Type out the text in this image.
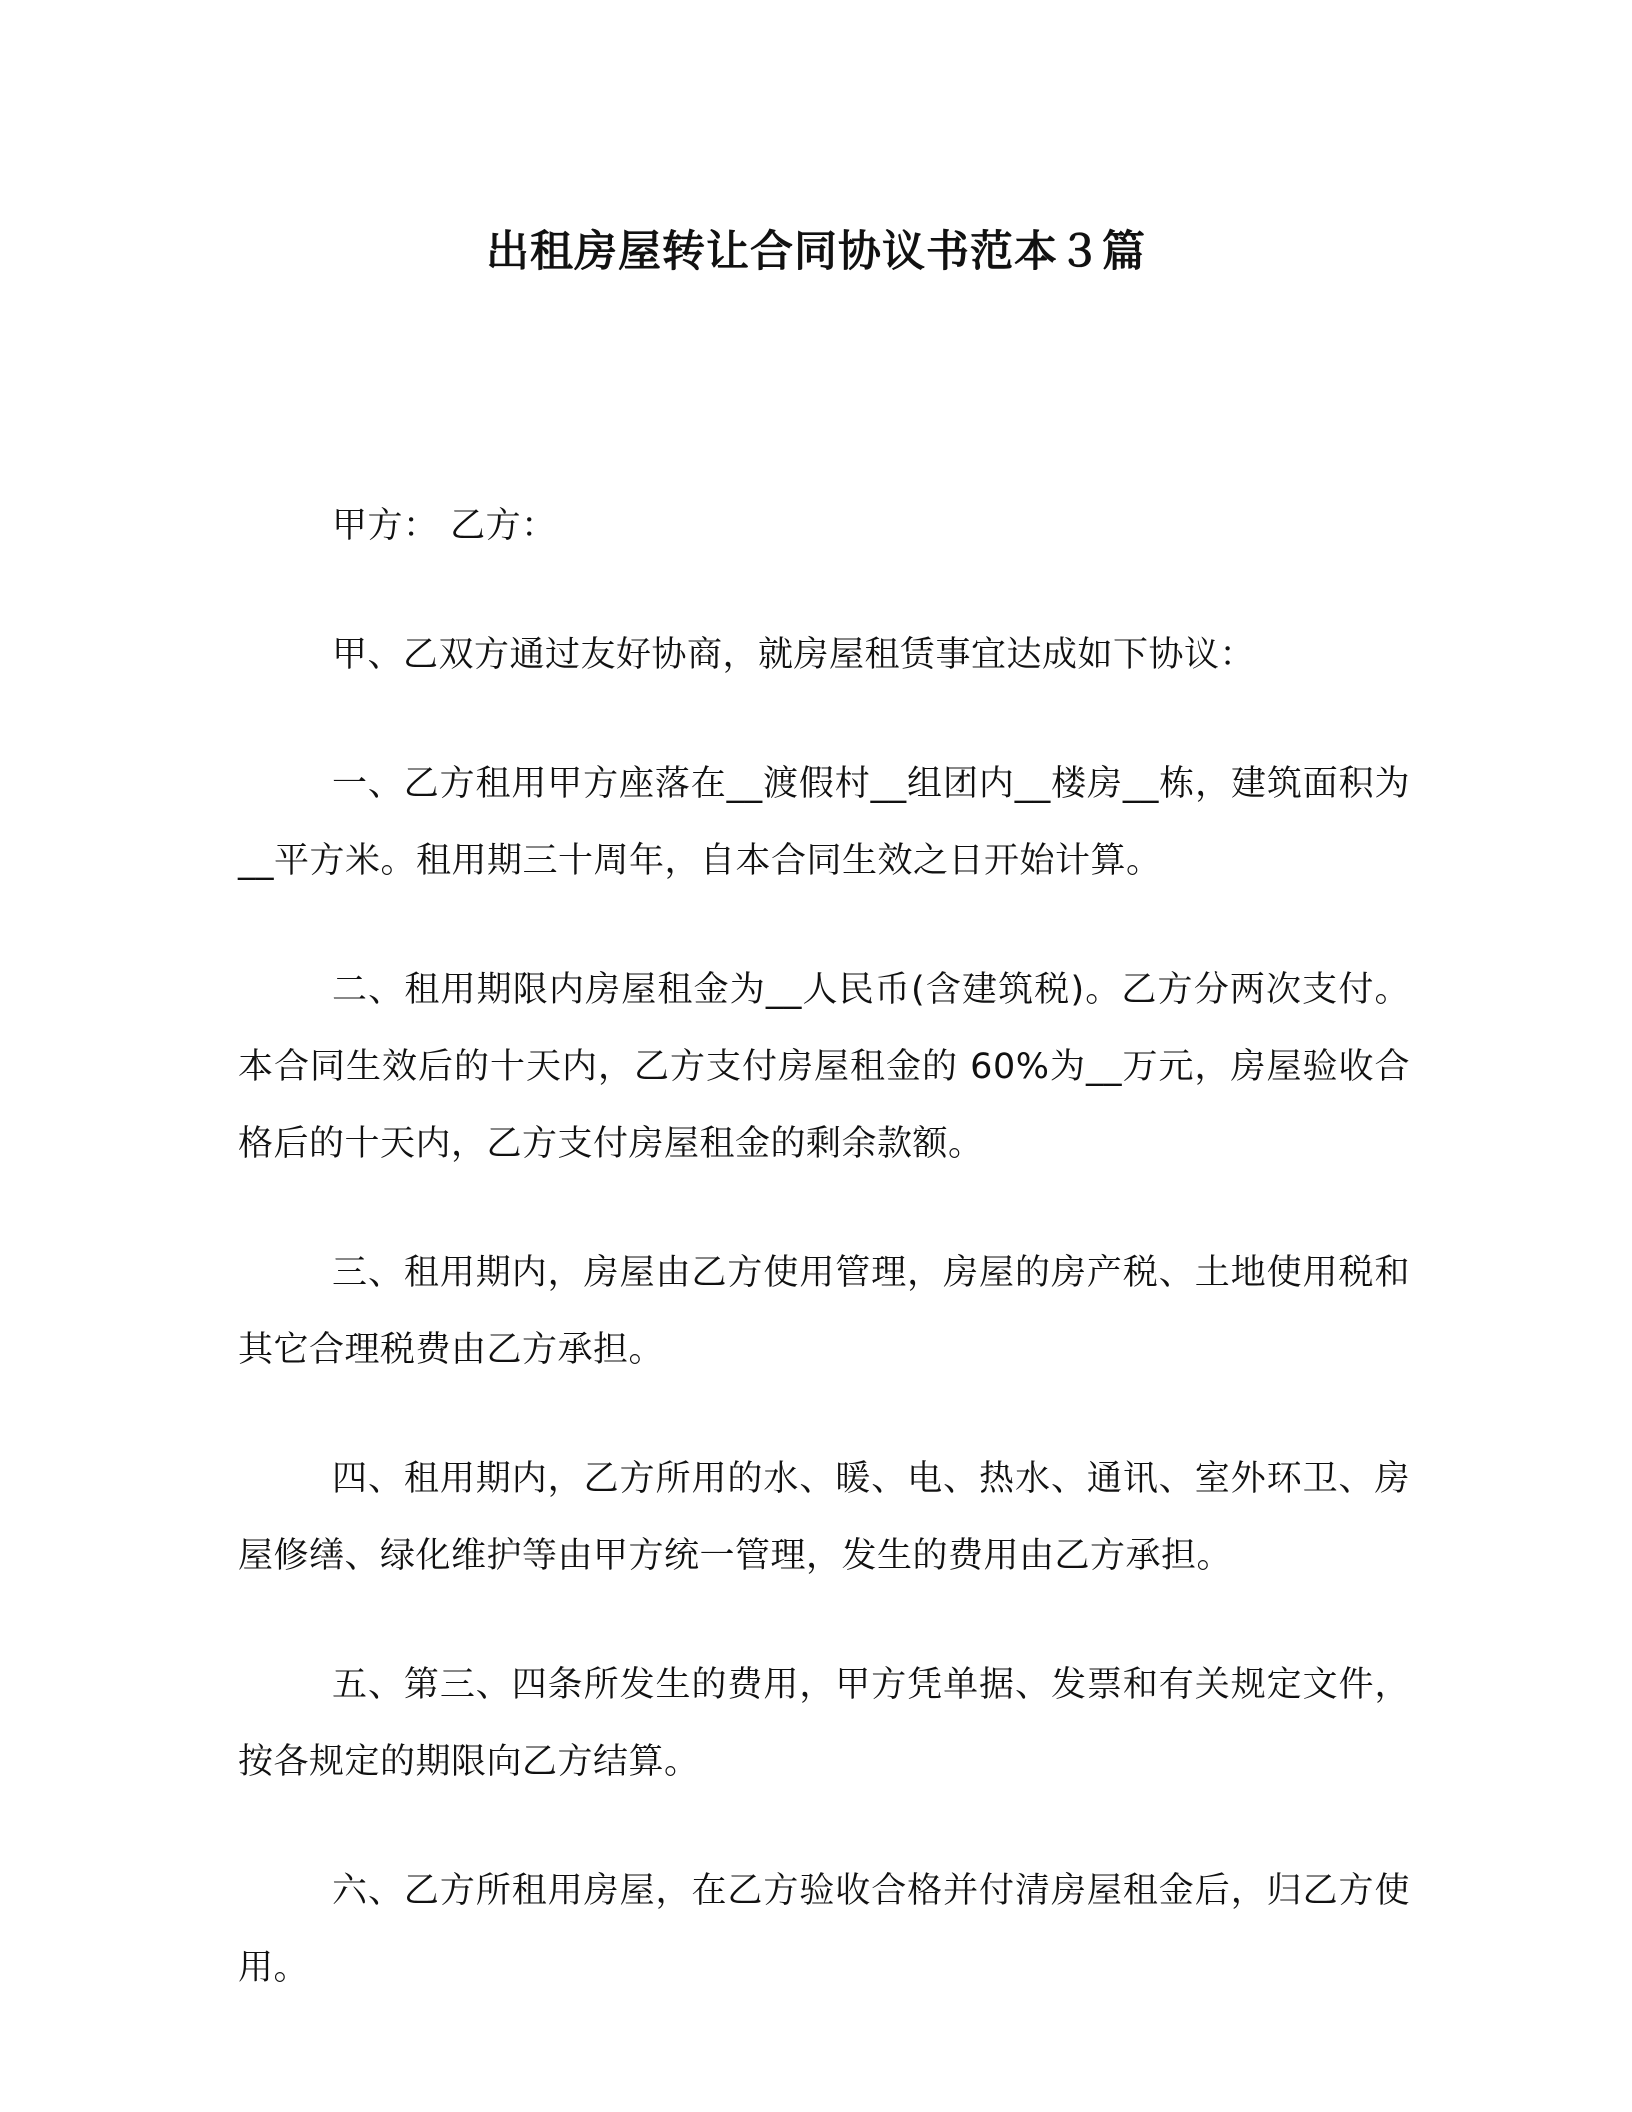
出租房屋转让合同协议书范本３篇

甲方： 乙方：

甲、乙双方通过友好协商，就房屋租赁事宜达成如下协议：

一、乙方租用甲方座落在__渡假村__组团内__楼房__栋，建筑面积为__平方米。租用期三十周年，自本合同生效之日开始计算。

二、租用期限内房屋租金为__人民币(含建筑税)。乙方分两次支付。本合同生效后的十天内，乙方支付房屋租金的 60%为__万元，房屋验收合格后的十天内，乙方支付房屋租金的剩余款额。

三、租用期内，房屋由乙方使用管理，房屋的房产税、土地使用税和其它合理税费由乙方承担。

四、租用期内，乙方所用的水、暖、电、热水、通讯、室外环卫、房屋修缮、绿化维护等由甲方统一管理，发生的费用由乙方承担。

五、第三、四条所发生的费用，甲方凭单据、发票和有关规定文件，按各规定的期限向乙方结算。

六、乙方所租用房屋，在乙方验收合格并付清房屋租金后，归乙方使用。
